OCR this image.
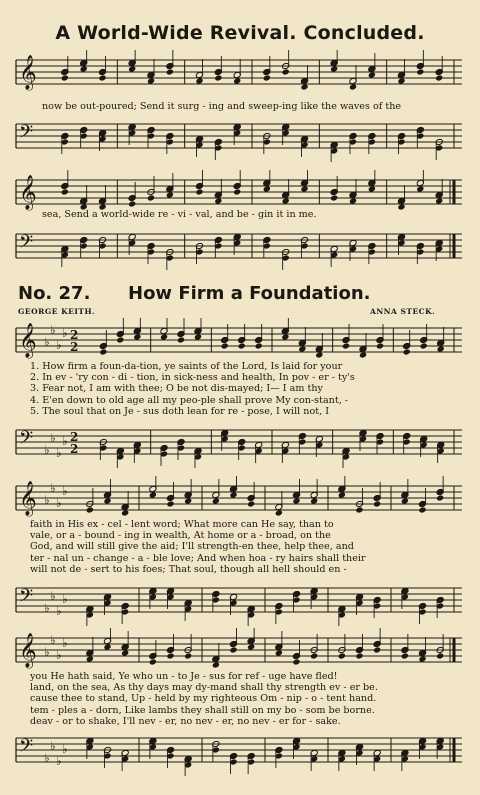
A World-Wide Revival. Concluded.
𝄞
now be out-poured; Send it surg - ing and sweep-ing like the waves of the
𝄢
𝄞
sea, Send a world-wide re - vi - val, and be - gin it in me.
𝄢
No. 27. How Firm a Foundation.
GEORGE KEITH.	ANNA STECK.
𝄞 ♭
♭
♭
♭ 2
2
1. How firm a foun-da-tion, ye saints of the Lord, Is laid for your
2. In ev - 'ry con - di - tion, in sick-ness and health, In pov - er - ty's
3. Fear not, I am with thee; O be not dis-mayed; I— I am thy
4. E'en down to old age all my peo-ple shall prove My con-stant, -
5. The soul that on Je - sus doth lean for re - pose, I will not, I
𝄢 ♭
♭
♭
♭ 2
2
𝄞 ♭
♭
♭
♭
faith in His ex - cel - lent word; What more can He say, than to
vale, or a - bound - ing in wealth, At home or a - broad, on the
God, and will still give the aid; I'll strength-en thee, help thee, and
ter - nal un - change - a - ble love; And when hoa - ry hairs shall their
will not de - sert to his foes; That soul, though all hell should en -
𝄢 ♭
♭
♭
♭
𝄞 ♭
♭
♭
♭
you He hath said, Ye who un - to Je - sus for ref - uge have fled!
land, on the sea, As thy days may dy-mand shall thy strength ev - er be.
cause thee to stand, Up - held by my righteous Om - nip - o - tent hand.
tem - ples a - dorn, Like lambs they shall still on my bo - som be borne.
deav - or to shake, I'll nev - er, no nev - er, no nev - er for - sake.
𝄢 ♭
♭
♭
♭
